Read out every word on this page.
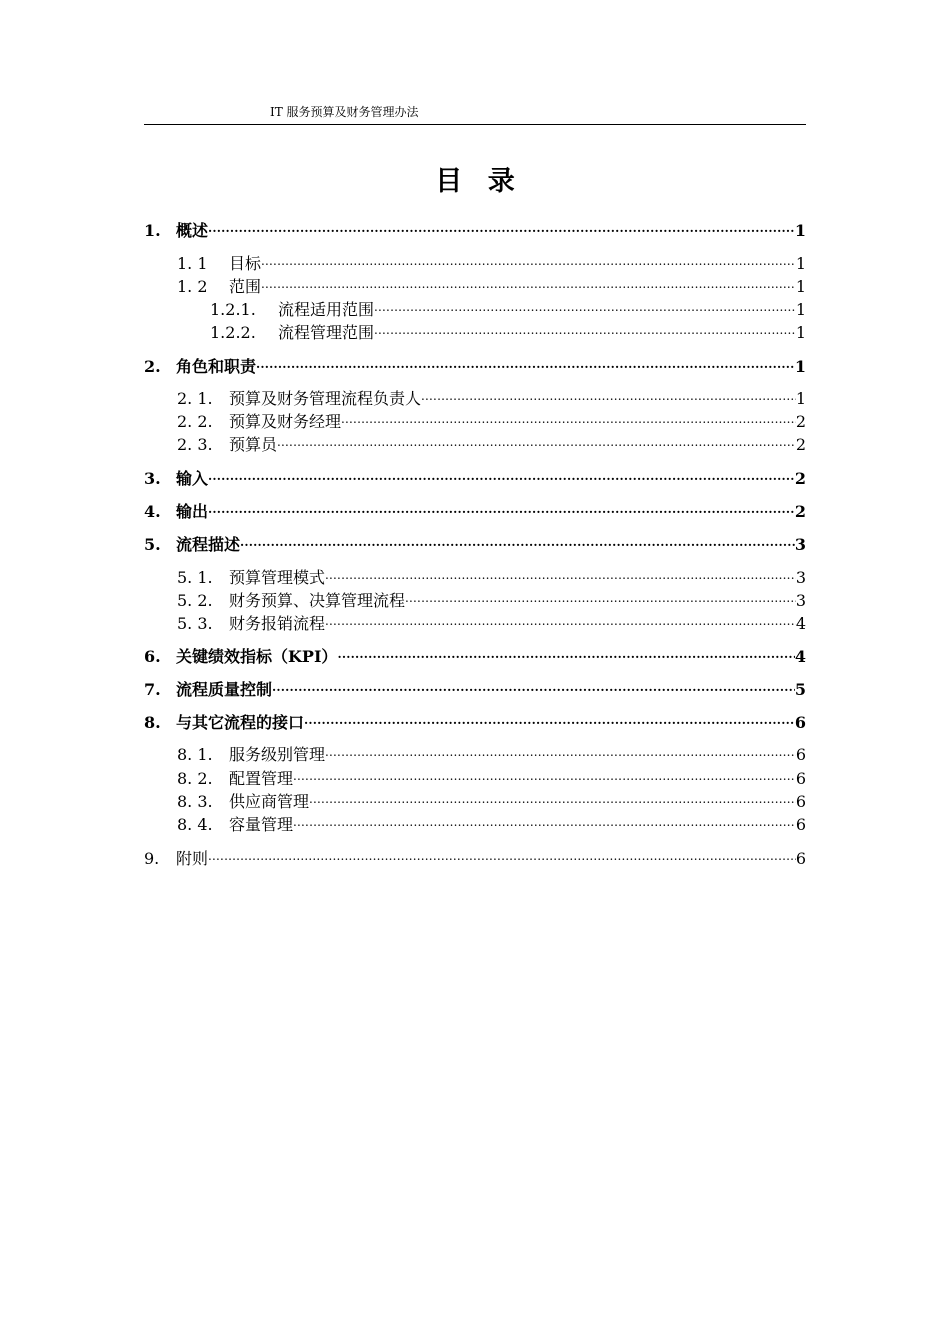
IT 服务预算及财务管理办法
目 录
1. 概述 .....	1
1. 1	目标 .....	1
1. 2	范围 .....	1
1.2.1.	流程适用范围 .....	1
1.2.2.	流程管理范围 .....	1
2. 角色和职责 .....	1
2. 1.	预算及财务管理流程负责人 .....	1
2. 2.	预算及财务经理 .....	2
2. 3.	预算员 .....	2
3. 输入 .....	2
4. 输出 .....	2
5. 流程描述 .....	3
5. 1.	预算管理模式 .....	3
5. 2.	财务预算、决算管理流程 .....	3
5. 3.	财务报销流程 .....	4
6. 关键绩效指标（KPI） .....	4
7. 流程质量控制 .....	5
8. 与其它流程的接口 .....	6
8. 1.	服务级别管理 .....	6
8. 2.	配置管理 .....	6
8. 3.	供应商管理 .....	6
8. 4.	容量管理 .....	6
9.	附则 .....	6
